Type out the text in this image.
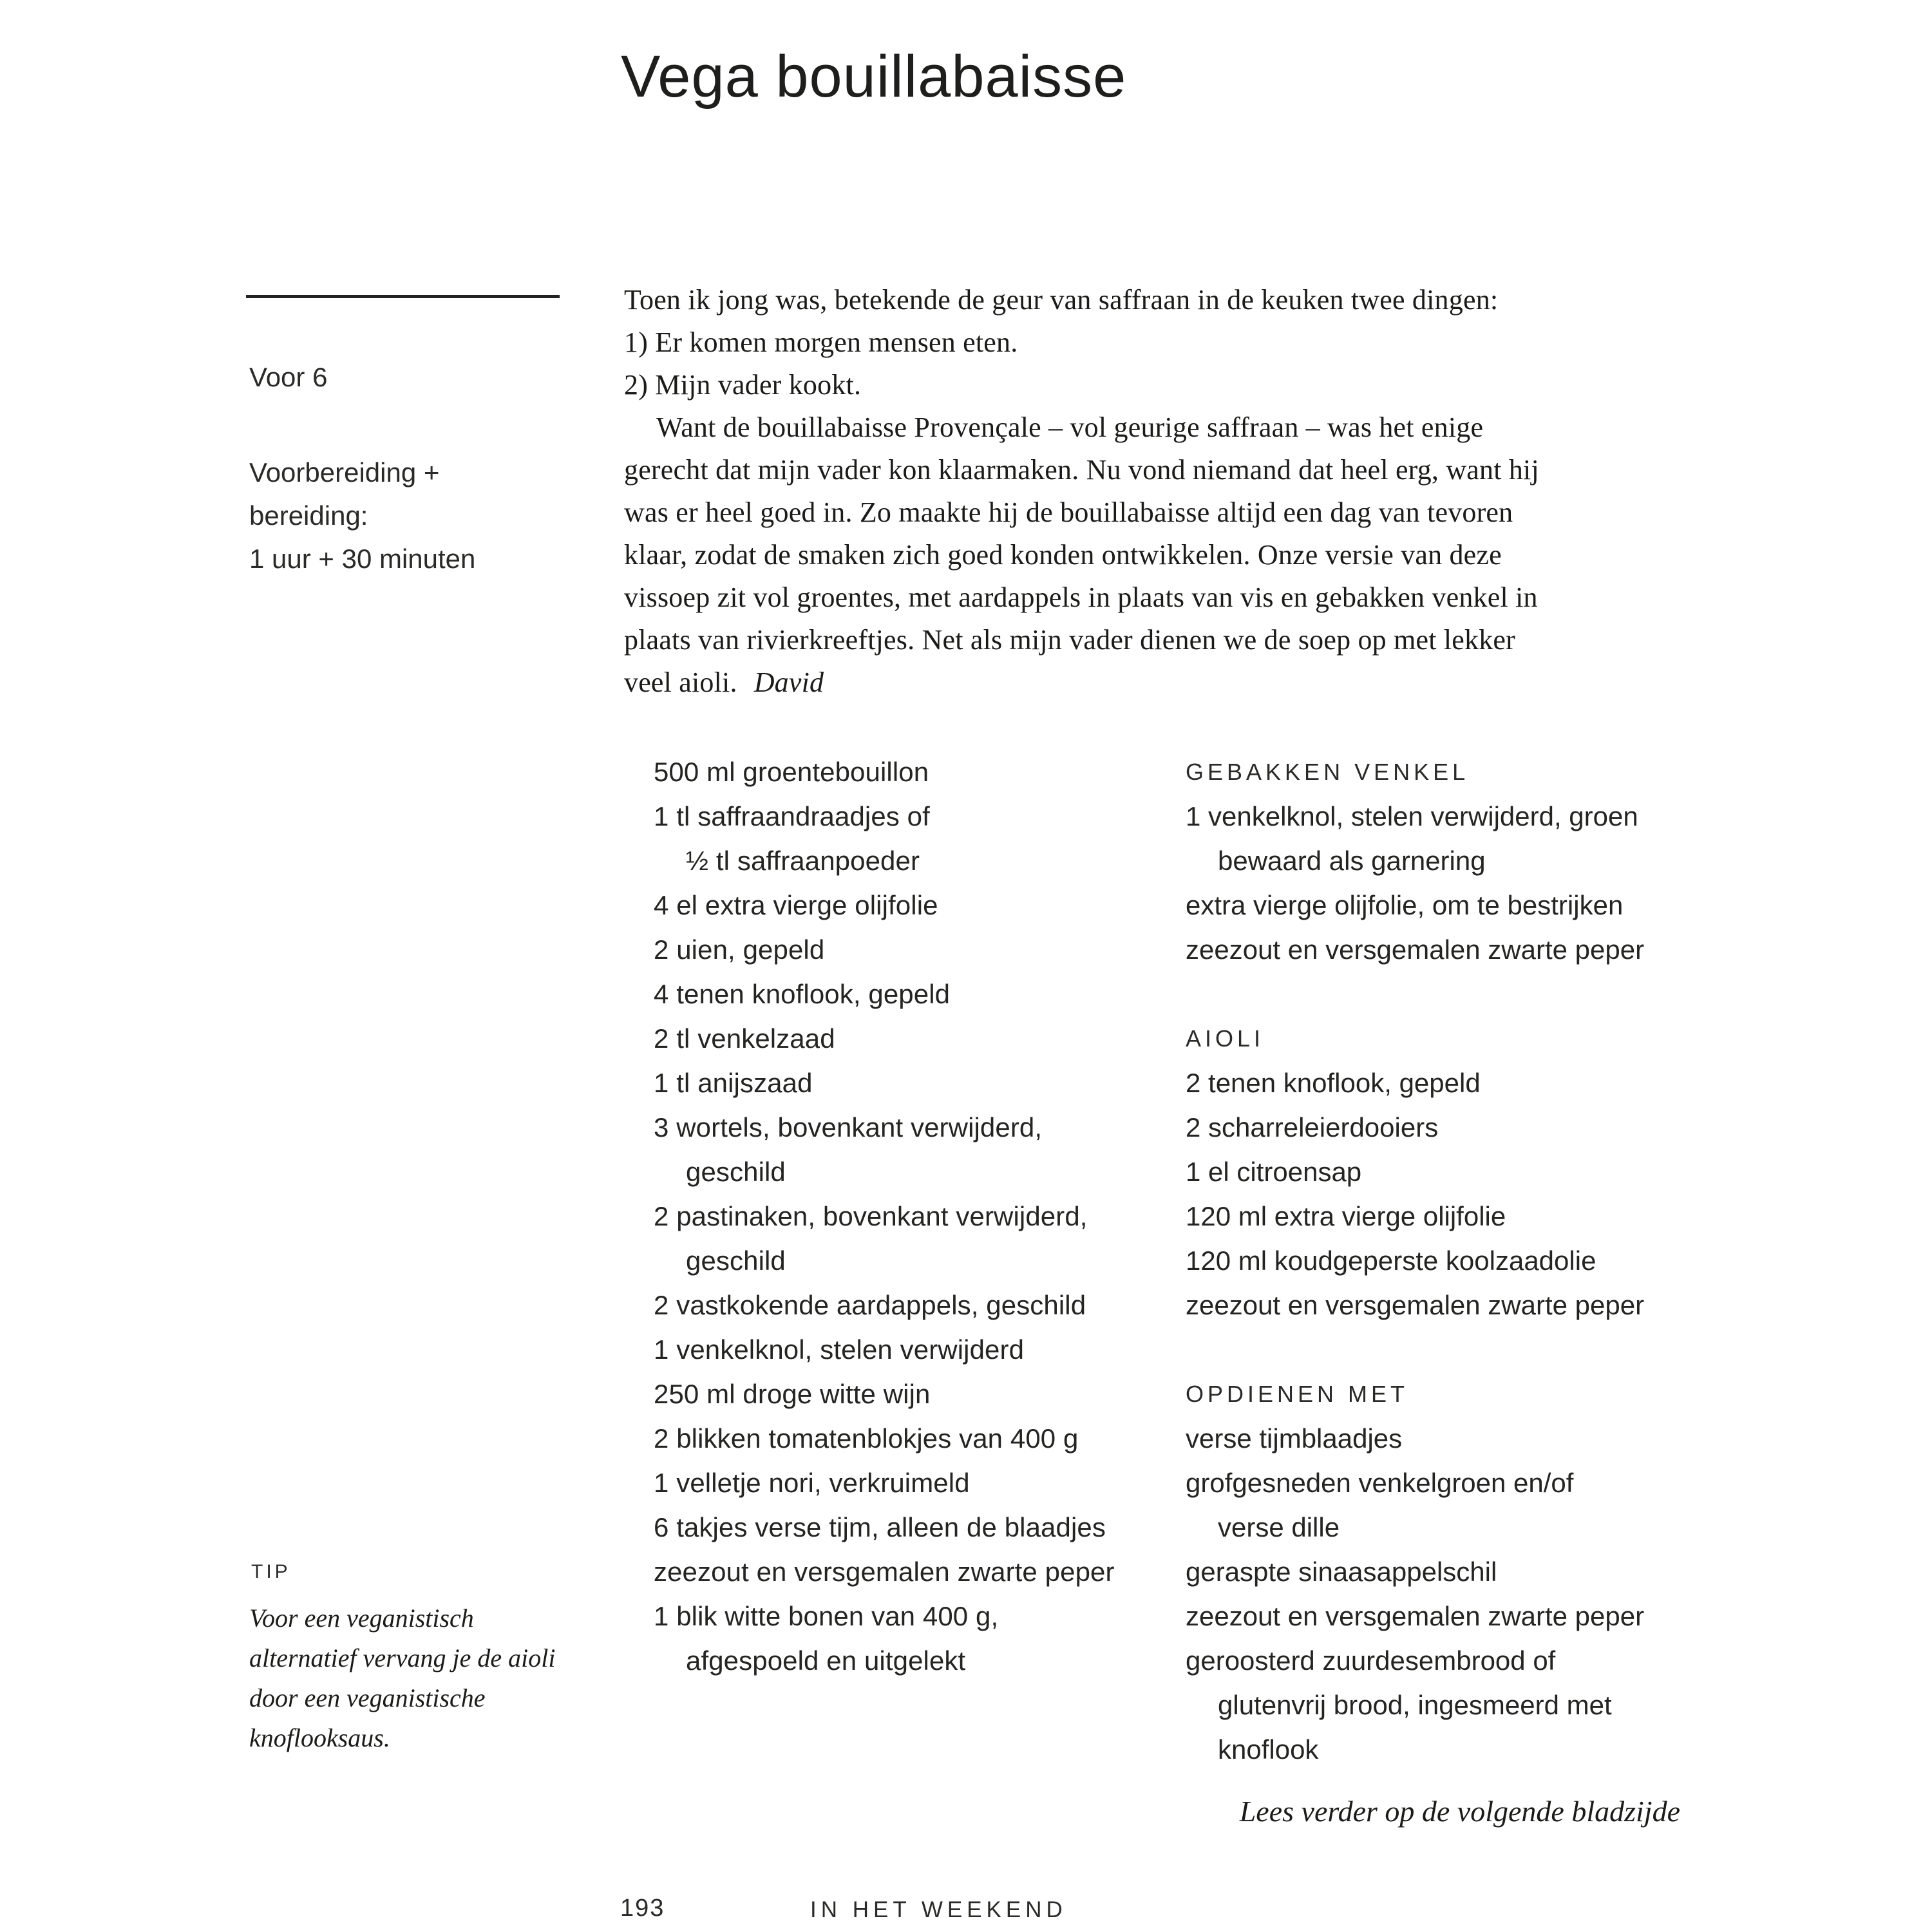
Vega bouillabaisse
Voor 6
Voorbereiding +
bereiding:
1 uur + 30 minuten
Toen ik jong was, betekende de geur van saffraan in de keuken twee dingen:
1) Er komen morgen mensen eten.
2) Mijn vader kookt.
Want de bouillabaisse Provençale – vol geurige saffraan – was het enige
gerecht dat mijn vader kon klaarmaken. Nu vond niemand dat heel erg, want hij
was er heel goed in. Zo maakte hij de bouillabaisse altijd een dag van tevoren
klaar, zodat de smaken zich goed konden ontwikkelen. Onze versie van deze
vissoep zit vol groentes, met aardappels in plaats van vis en gebakken venkel in
plaats van rivierkreeftjes. Net als mijn vader dienen we de soep op met lekker
veel aioli. David
500 ml groentebouillon
1 tl saffraandraadjes of
½ tl saffraanpoeder
4 el extra vierge olijfolie
2 uien, gepeld
4 tenen knoflook, gepeld
2 tl venkelzaad
1 tl anijszaad
3 wortels, bovenkant verwijderd,
geschild
2 pastinaken, bovenkant verwijderd,
geschild
2 vastkokende aardappels, geschild
1 venkelknol, stelen verwijderd
250 ml droge witte wijn
2 blikken tomatenblokjes van 400 g
1 velletje nori, verkruimeld
6 takjes verse tijm, alleen de blaadjes
zeezout en versgemalen zwarte peper
1 blik witte bonen van 400 g,
afgespoeld en uitgelekt
GEBAKKEN VENKEL
1 venkelknol, stelen verwijderd, groen
bewaard als garnering
extra vierge olijfolie, om te bestrijken
zeezout en versgemalen zwarte peper
AIOLI
2 tenen knoflook, gepeld
2 scharreleierdooiers
1 el citroensap
120 ml extra vierge olijfolie
120 ml koudgeperste koolzaadolie
zeezout en versgemalen zwarte peper
OPDIENEN MET
verse tijmblaadjes
grofgesneden venkelgroen en/of
verse dille
geraspte sinaasappelschil
zeezout en versgemalen zwarte peper
geroosterd zuurdesembrood of
glutenvrij brood, ingesmeerd met
knoflook
TIP
Voor een veganistisch
alternatief vervang je de aioli
door een veganistische
knoflooksaus.
Lees verder op de volgende bladzijde
193	IN HET WEEKEND
